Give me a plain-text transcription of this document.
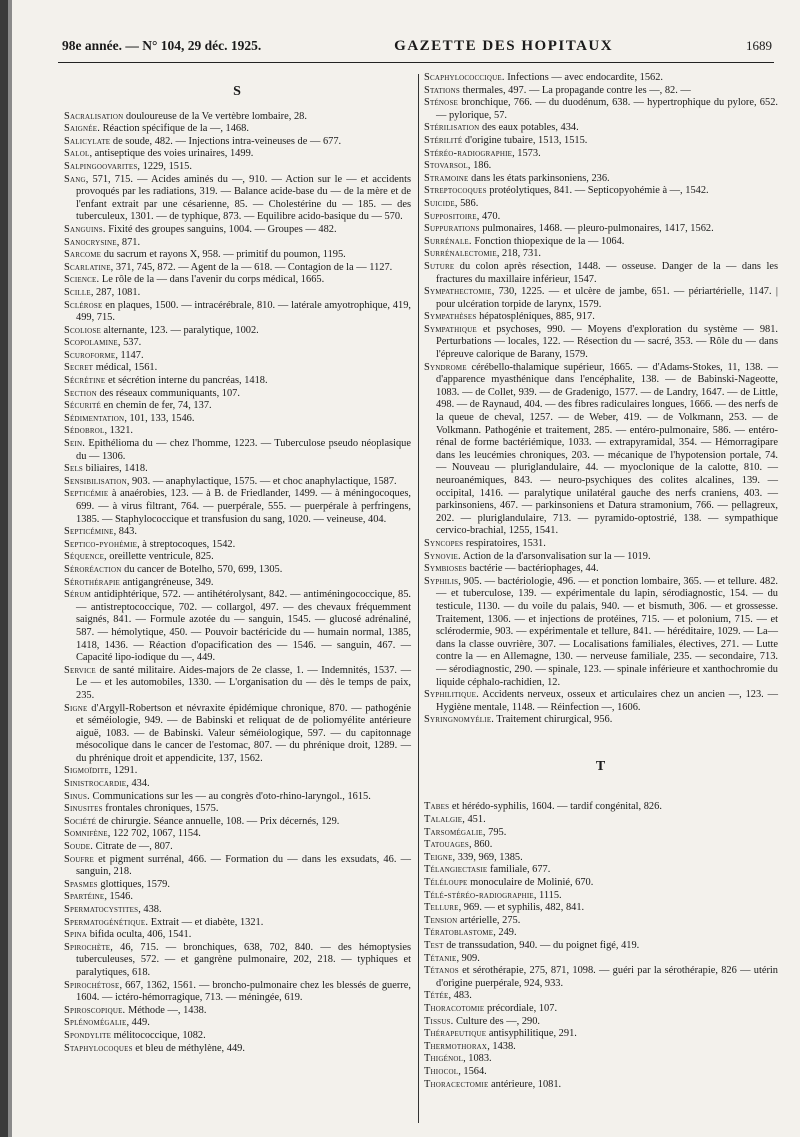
98e année. — N° 104, 29 déc. 1925.	GAZETTE DES HOPITAUX	1689
S

Sacralisation douloureuse de la Ve vertèbre lombaire, 28.

Saignée. Réaction spécifique de la —, 1468.

Salicylate de soude, 482. — Injections intra-veineuses de — 677.

Salol, antiseptique des voies urinaires, 1499.

Salpingoovarites, 1229, 1515.

Sang, 571, 715. — Acides aminés du —, 910. — Action sur le — et accidents provoqués par les radiations, 319. — Balance acide-base du — de la mère et de l'enfant extrait par une césarienne, 85. — Cholestérine du — 185. — des tuberculeux, 1301. — de typhique, 873. — Equilibre acido-basique du — 570.

Sanguins. Fixité des groupes sanguins, 1004. — Groupes — 482.

Sanocrysine, 871.

Sarcome du sacrum et rayons X, 958. — primitif du poumon, 1195.

Scarlatine, 371, 745, 872. — Agent de la — 618. — Contagion de la — 1127.

Science. Le rôle de la — dans l'avenir du corps médical, 1665.

Scille, 287, 1081.

Sclérose en plaques, 1500. — intracérébrale, 810. — latérale amyotrophique, 419, 499, 715.

Scoliose alternante, 123. — paralytique, 1002.

Scopolamine, 537.

Scuroforme, 1147.

Secret médical, 1561.

Sécrétine et sécrétion interne du pancréas, 1418.

Section des réseaux communiquants, 107.

Sécurité en chemin de fer, 74, 137.

Sédimentation, 101, 133, 1546.

Sédobrol, 1321.

Sein. Epithélioma du — chez l'homme, 1223. — Tuberculose pseudo néoplasique du — 1306.

Sels biliaires, 1418.

Sensibilisation, 903. — anaphylactique, 1575. — et choc anaphylactique, 1587.

Septicémie à anaérobies, 123. — à B. de Friedlander, 1499. — à méningocoques, 699. — à virus filtrant, 764. — puerpérale, 555. — puerpérale à perfringens, 1385. — Staphylococcique et transfusion du sang, 1020. — veineuse, 404.

Septicémine, 843.

Septico-pyohémie, à streptocoques, 1542.

Séquence, oreillette ventricule, 825.

Séroréaction du cancer de Botelho, 570, 699, 1305.

Sérothérapie antigangréneuse, 349.

Sérum antidiphtérique, 572. — antihétérolysant, 842. — antiméningococcique, 85. — antistreptococcique, 702. — collargol, 497. — des chevaux fréquemment saignés, 841. — Formule azotée du — sanguin, 1545. — glucosé adrénaliné, 587. — hémolytique, 450. — Pouvoir bactéricide du — humain normal, 1385, 1418, 1436. — Réaction d'opacification des — 1546. — sanguin, 467. — Capacité lipo-iodique du —, 449.

Service de santé militaire. Aides-majors de 2e classe, 1. — Indemnités, 1537. — Le — et les automobiles, 1330. — L'organisation du — dès le temps de paix, 235.

Signe d'Argyll-Robertson et névraxite épidémique chronique, 870. — pathogénie et séméiologie, 949. — de Babinski et reliquat de de poliomyélite antérieure aiguë, 1083. — de Babinski. Valeur séméiologique, 597. — du capitonnage mésocolique dans le cancer de l'estomac, 807. — du phrénique droit, 1289. — du phrénique droit et appendicite, 137, 1562.

Sigmoïdite, 1291.

Sinistrocardie, 434.

Sinus. Communications sur les — au congrès d'oto-rhino-laryngol., 1615.

Sinusites frontales chroniques, 1575.

Société de chirurgie. Séance annuelle, 108. — Prix décernés, 129.

Somnifène, 122 702, 1067, 1154.

Soude. Citrate de —, 807.

Soufre et pigment surrénal, 466. — Formation du — dans les exsudats, 46. — sanguin, 218.

Spasmes glottiques, 1579.

Spartéine, 1546.

Spermatocystites, 438.

Spermatogénétique. Extrait — et diabète, 1321.

Spina bifida oculta, 406, 1541.

Spirochète, 46, 715. — bronchiques, 638, 702, 840. — des hémoptysies tuberculeuses, 572. — et gangrène pulmonaire, 202, 218. — typhiques et paralytiques, 618.

Spirochétose, 667, 1362, 1561. — broncho-pulmonaire chez les blessés de guerre, 1604. — ictéro-hémorragique, 713. — méningée, 619.

Spiroscopique. Méthode —, 1438.

Splénomégalie, 449.

Spondylite mélitococcique, 1082.

Staphylocoques et bleu de méthylène, 449.

Scaphylococcique. Infections — avec endocardite, 1562.

Stations thermales, 497. — La propagande contre les —, 82. —

Sténose bronchique, 766. — du duodénum, 638. — hypertrophique du pylore, 652. — pylorique, 57.

Stérilisation des eaux potables, 434.

Stérilité d'origine tubaire, 1513, 1515.

Stéréo-radiographie, 1573.

Stovarsol, 186.

Stramoine dans les états parkinsoniens, 236.

Streptocoques protéolytiques, 841. — Septicopyohémie à —, 1542.

Suicide, 586.

Suppositoire, 470.

Suppurations pulmonaires, 1468. — pleuro-pulmonaires, 1417, 1562.

Surrénale. Fonction thiopexique de la — 1064.

Surrénalectomie, 218, 731.

Suture du colon après résection, 1448. — osseuse. Danger de la — dans les fractures du maxillaire inférieur, 1547.

Sympathectomie, 730, 1225. — et ulcère de jambe, 651. — périartérielle, 1147. | pour ulcération torpide de larynx, 1579.

Sympathèses hépatospléniques, 885, 917.

Sympathique et psychoses, 990. — Moyens d'exploration du système — 981. Perturbations — locales, 122. — Résection du — sacré, 353. — Rôle du — dans l'épreuve calorique de Barany, 1579.

Syndrome cérébello-thalamique supérieur, 1665. — d'Adams-Stokes, 11, 138. — d'apparence myasthénique dans l'encéphalite, 138. — de Babinski-Nageotte, 1083. — de Collet, 939. — de Gradenigo, 1577. — de Landry, 1647. — de Little, 498. — de Raynaud, 404. — des fibres radiculaires longues, 1666. — des nerfs de la queue de cheval, 1257. — de Weber, 419. — de Volkmann, 253. — de Volkmann. Pathogénie et traitement, 285. — entéro-pulmonaire, 586. — entéro-rénal de forme bactériémique, 1033. — extrapyramidal, 354. — Hémorragipare dans les leucémies chroniques, 203. — mécanique de l'hypotension portale, 74. — Nouveau — pluriglandulaire, 44. — myoclonique de la calotte, 810. — neuroanémiques, 843. — neuro-psychiques des colites alcalines, 139. — occipital, 1416. — paralytique unilatéral gauche des nerfs craniens, 403. — parkinsoniens, 467. — parkinsoniens et Datura stramonium, 766. — pellagreux, 202. — pluriglandulaire, 713. — pyramido-optostrié, 138. — sympathique cervico-brachial, 1255, 1541.

Syncopes respiratoires, 1531.

Synovie. Action de la d'arsonvalisation sur la — 1019.

Symbioses bactérie — bactériophages, 44.

Syphilis, 905. — bactériologie, 496. — et ponction lombaire, 365. — et tellure. 482. — et tuberculose, 139. — expérimentale du lapin, sérodiagnostic, 154. — du testicule, 1130. — du voile du palais, 940. — et bismuth, 306. — et grossesse. Traitement, 1306. — et injections de protéines, 715. — et polonium, 715. — et sclérodermie, 903. — expérimentale et tellure, 841. — héréditaire, 1029. — La— dans la classe ouvrière, 307. — Localisations familiales, électives, 271. — Lutte contre la — en Allemagne, 130. — nerveuse familiale, 235. — secondaire, 713. — sérodiagnostic, 290. — spinale, 123. — spinale inférieure et xanthochromie du liquide céphalo-rachidien, 12.

Syphilitique. Accidents nerveux, osseux et articulaires chez un ancien —, 123. — Hygiène mentale, 1148. — Réinfection —, 1606.

Syringnomyélie. Traitement chirurgical, 956.

T

Tabes et hérédo-syphilis, 1604. — tardif congénital, 826.

Talalgie, 451.

Tarsomégalie, 795.

Tatouages, 860.

Teigne, 339, 969, 1385.

Télangiectasie familiale, 677.

Téléloupe monoculaire de Molinié, 670.

Télé-stéréo-radiographie, 1115.

Tellure, 969. — et syphilis, 482, 841.

Tension artérielle, 275.

Tératoblastome, 249.

Test de transsudation, 940. — du poignet figé, 419.

Tétanie, 909.

Tétanos et sérothérapie, 275, 871, 1098. — guéri par la sérothérapie, 826 — utérin d'origine puerpérale, 924, 933.

Tétée, 483.

Thoracotomie précordiale, 107.

Tissus. Culture des —, 290.

Thérapeutique antisyphilitique, 291.

Thermothorax, 1438.

Thigénol, 1083.

Thiocol, 1564.

Thoracectomie antérieure, 1081.
